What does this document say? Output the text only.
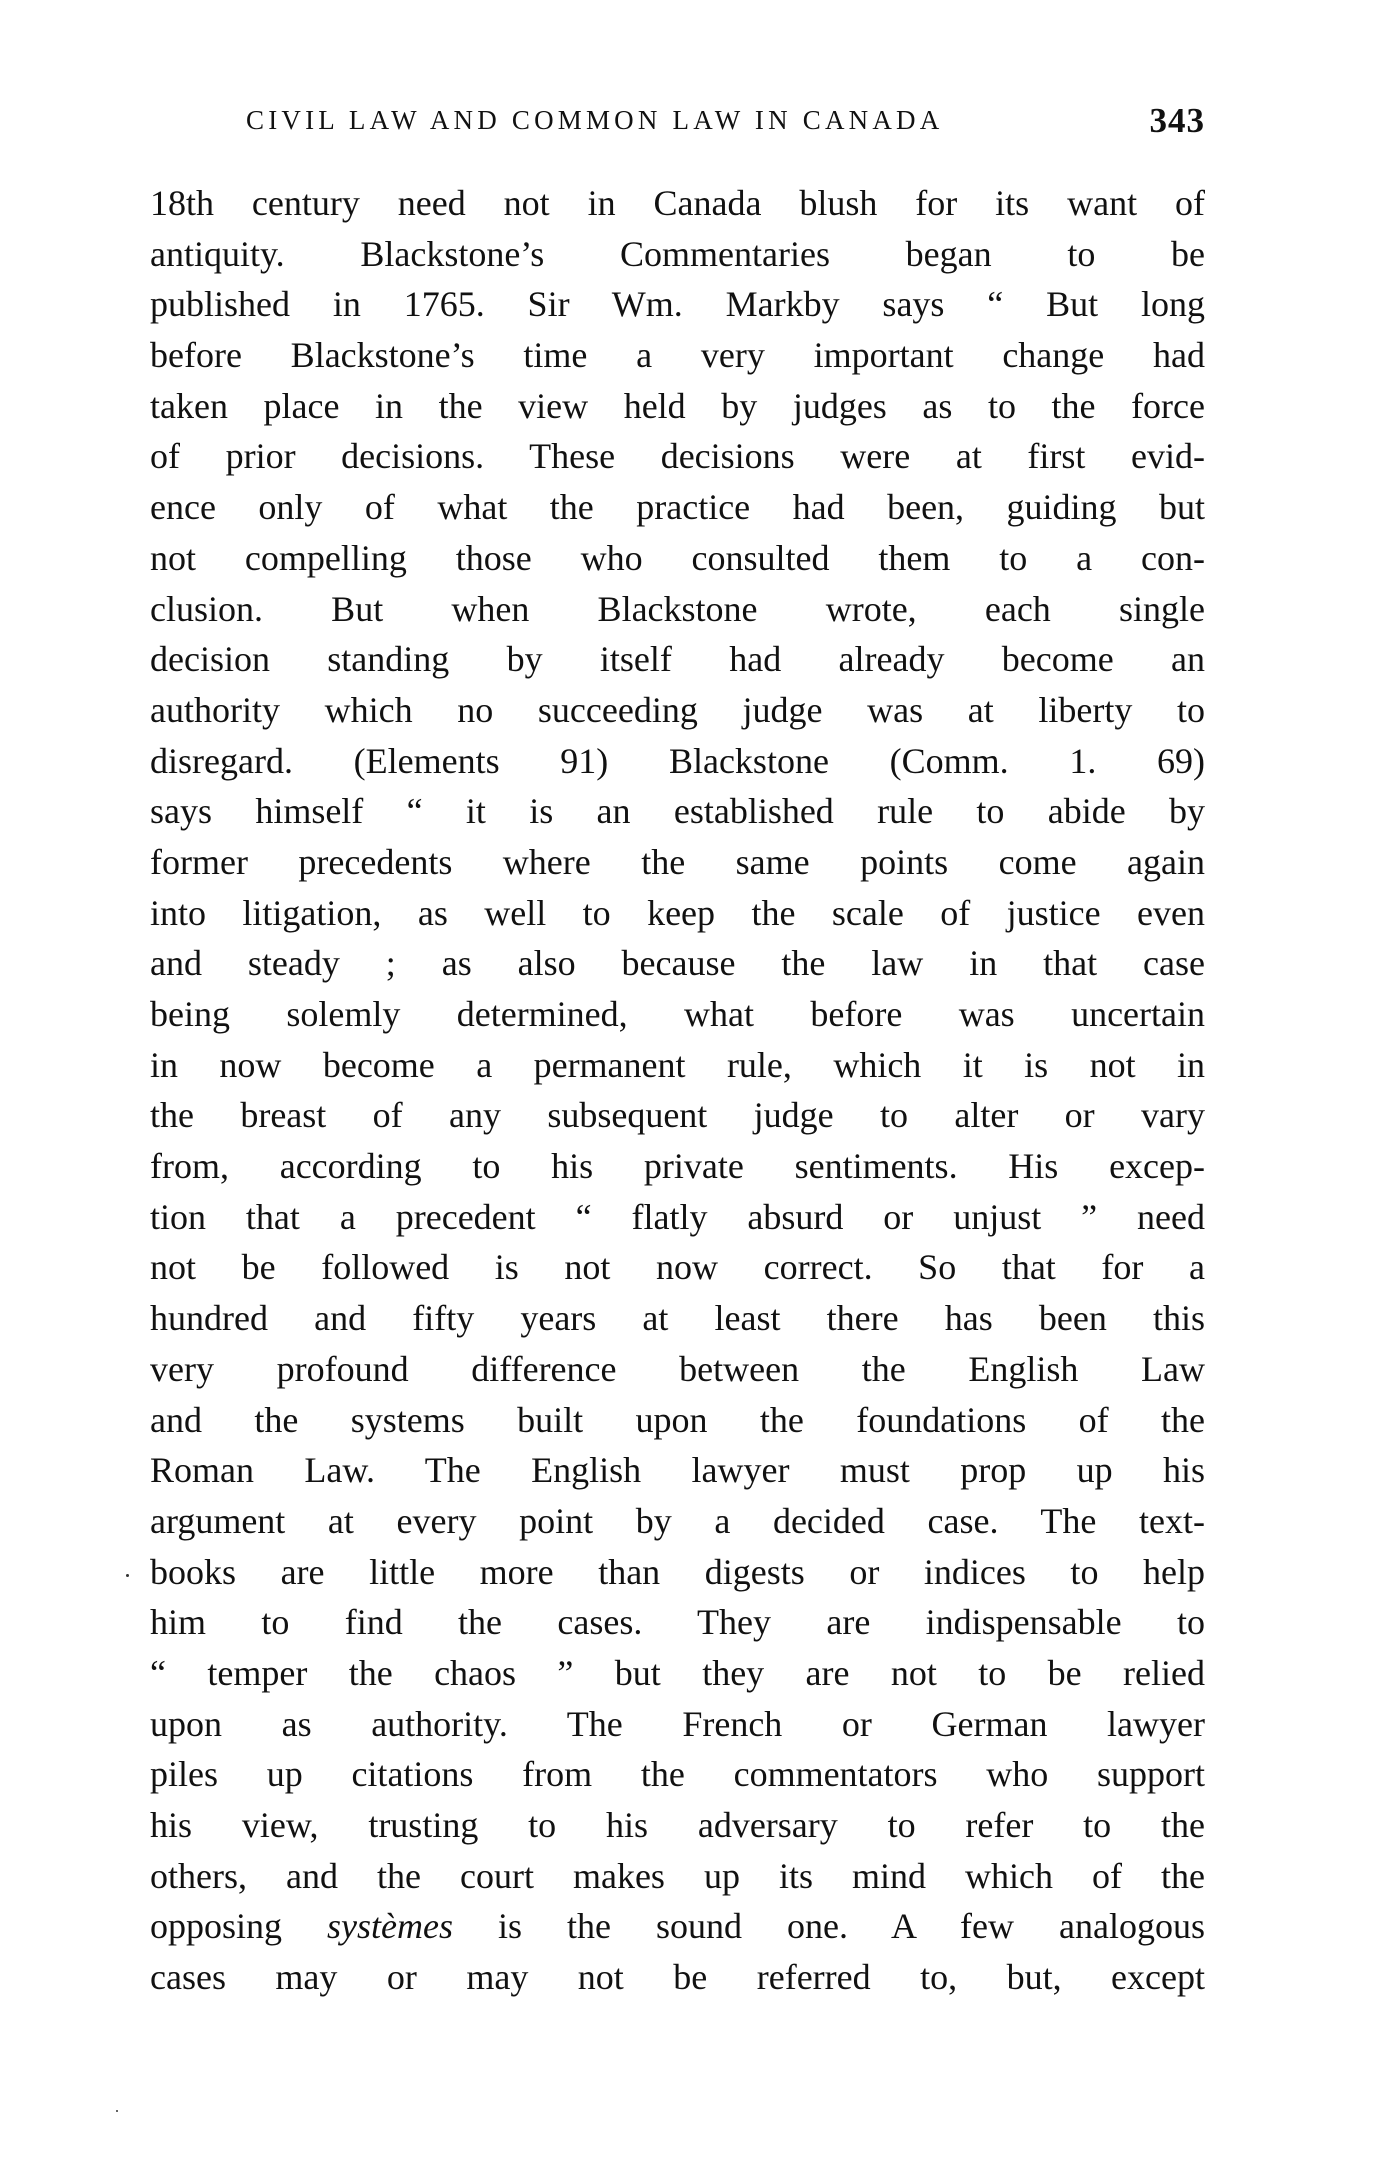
CIVIL LAW AND COMMON LAW IN CANADA	343
18th century need not in Canada blush for its want of
antiquity. Blackstone’s Commentaries began to be
published in 1765. Sir Wm. Markby says “ But long
before Blackstone’s time a very important change had
taken place in the view held by judges as to the force
of prior decisions. These decisions were at first evid-
ence only of what the practice had been, guiding but
not compelling those who consulted them to a con-
clusion. But when Blackstone wrote, each single
decision standing by itself had already become an
authority which no succeeding judge was at liberty to
disregard. (Elements 91) Blackstone (Comm. 1. 69)
says himself “ it is an established rule to abide by
former precedents where the same points come again
into litigation, as well to keep the scale of justice even
and steady ; as also because the law in that case
being solemly determined, what before was uncertain
in now become a permanent rule, which it is not in
the breast of any subsequent judge to alter or vary
from, according to his private sentiments. His excep-
tion that a precedent “ flatly absurd or unjust ” need
not be followed is not now correct. So that for a
hundred and fifty years at least there has been this
very profound difference between the English Law
and the systems built upon the foundations of the
Roman Law. The English lawyer must prop up his
argument at every point by a decided case. The text-
books are little more than digests or indices to help
him to find the cases. They are indispensable to
“ temper the chaos ” but they are not to be relied
upon as authority. The French or German lawyer
piles up citations from the commentators who support
his view, trusting to his adversary to refer to the
others, and the court makes up its mind which of the
opposing systèmes is the sound one. A few analogous
cases may or may not be referred to, but, except
